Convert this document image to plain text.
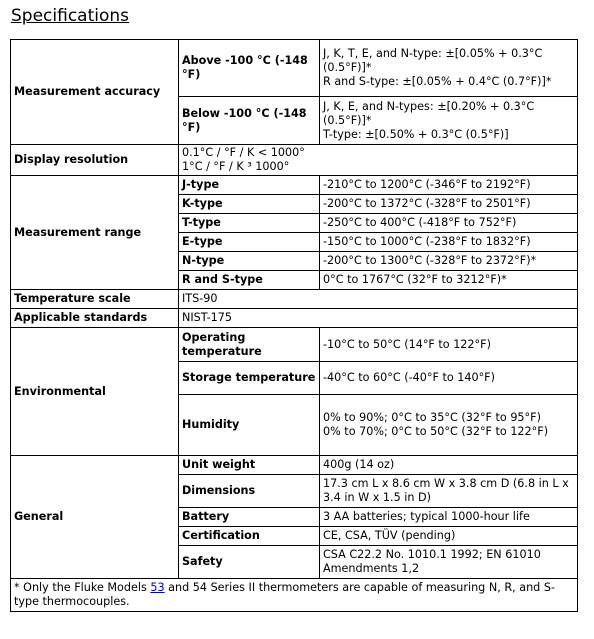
Specifications
Measurement accuracy	Above -100 °C (-148 °F)	J, K, T, E, and N-type: ±[0.05% + 0.3°C (0.5°F)]*
R and S-type: ±[0.05% + 0.4°C (0.7°F)]*

	Below -100 °C (-148 °F)	J, K, E, and N-types: ±[0.20% + 0.3°C (0.5°F)]*
T-type: ±[0.50% + 0.3°C (0.5°F)]

Display resolution	0.1°C / °F / K < 1000°
1°C / °F / K ³ 1000°	

Measurement range	J-type	-210°C to 1200°C (-346°F to 2192°F)
	K-type	-200°C to 1372°C (-328°F to 2501°F)
	T-type	-250°C to 400°C (-418°F to 752°F)
	E-type	-150°C to 1000°C (-238°F to 1832°F)
	N-type	-200°C to 1300°C (-328°F to 2372°F)*
	R and S-type	0°C to 1767°C (32°F to 3212°F)*
Temperature scale	ITS-90	
Applicable standards	NIST-175	
Environmental	Operating temperature	-10°C to 50°C (14°F to 122°F)
	Storage temperature	-40°C to 60°C (-40°F to 140°F)
	Humidity	0% to 90%; 0°C to 35°C (32°F to 95°F)
0% to 70%; 0°C to 50°C (32°F to 122°F)

General	Unit weight	400g (14 oz)
	Dimensions	17.3 cm L x 8.6 cm W x 3.8 cm D (6.8 in L x 3.4 in W x 1.5 in D)
	Battery	3 AA batteries; typical 1000-hour life
	Certification	CE, CSA, TÜV (pending)
	Safety	CSA C22.2 No. 1010.1 1992; EN 61010 Amendments 1,2
* Only the Fluke Models 53 and 54 Series II thermometers are capable of measuring N, R, and S-type thermocouples.		
